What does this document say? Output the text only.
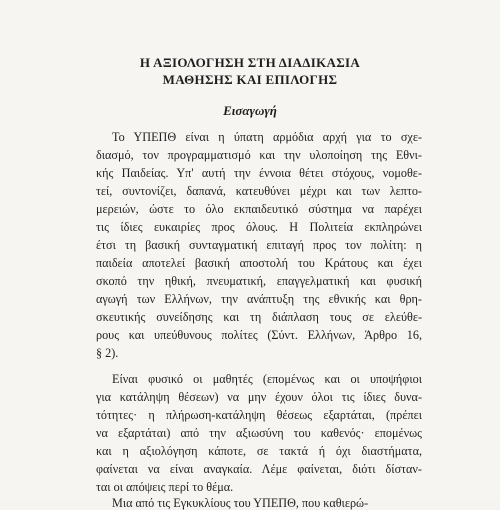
Η ΑΞΙΟΛΟΓΗΣΗ ΣΤΗ ΔΙΑΔΙΚΑΣΙΑ
ΜΑΘΗΣΗΣ ΚΑΙ ΕΠΙΛΟΓΗΣ
Εισαγωγή

Το ΥΠΕΠΘ είναι η ύπατη αρμόδια αρχή για το σχε-

διασμό, τον προγραμματισμό και την υλοποίηση της Εθνι-

κής Παιδείας. Υπ' αυτή την έννοια θέτει στόχους, νομοθε-

τεί, συντονίζει, δαπανά, κατευθύνει μέχρι και των λεπτο-

μερειών, ώστε το όλο εκπαιδευτικό σύστημα να παρέχει

τις ίδιες ευκαιρίες προς όλους. Η Πολιτεία εκπληρώνει

έτσι τη βασική συνταγματική επιταγή προς τον πολίτη: η

παιδεία αποτελεί βασική αποστολή του Κράτους και έχει

σκοπό την ηθική, πνευματική, επαγγελματική και φυσική

αγωγή των Ελλήνων, την ανάπτυξη της εθνικής και θρη-

σκευτικής συνείδησης και τη διάπλαση τους σε ελεύθε-

ρους και υπεύθυνους πολίτες (Σύντ. Ελλήνων, Άρθρο 16,

§ 2).

Είναι φυσικό οι μαθητές (επομένως και οι υποψήφιοι

για κατάληψη θέσεων) να μην έχουν όλοι τις ίδιες δυνα-

τότητες· η πλήρωση-κατάληψη θέσεως εξαρτάται, (πρέπει

να εξαρτάται) από την αξιωσύνη του καθενός· επομένως

και η αξιολόγηση κάποτε, σε τακτά ή όχι διαστήματα,

φαίνεται να είναι αναγκαία. Λέμε φαίνεται, διότι δίσταν-

ται οι απόψεις περί το θέμα.

Μια από τις Εγκυκλίους του ΥΠΕΠΘ, που καθιερώ-
